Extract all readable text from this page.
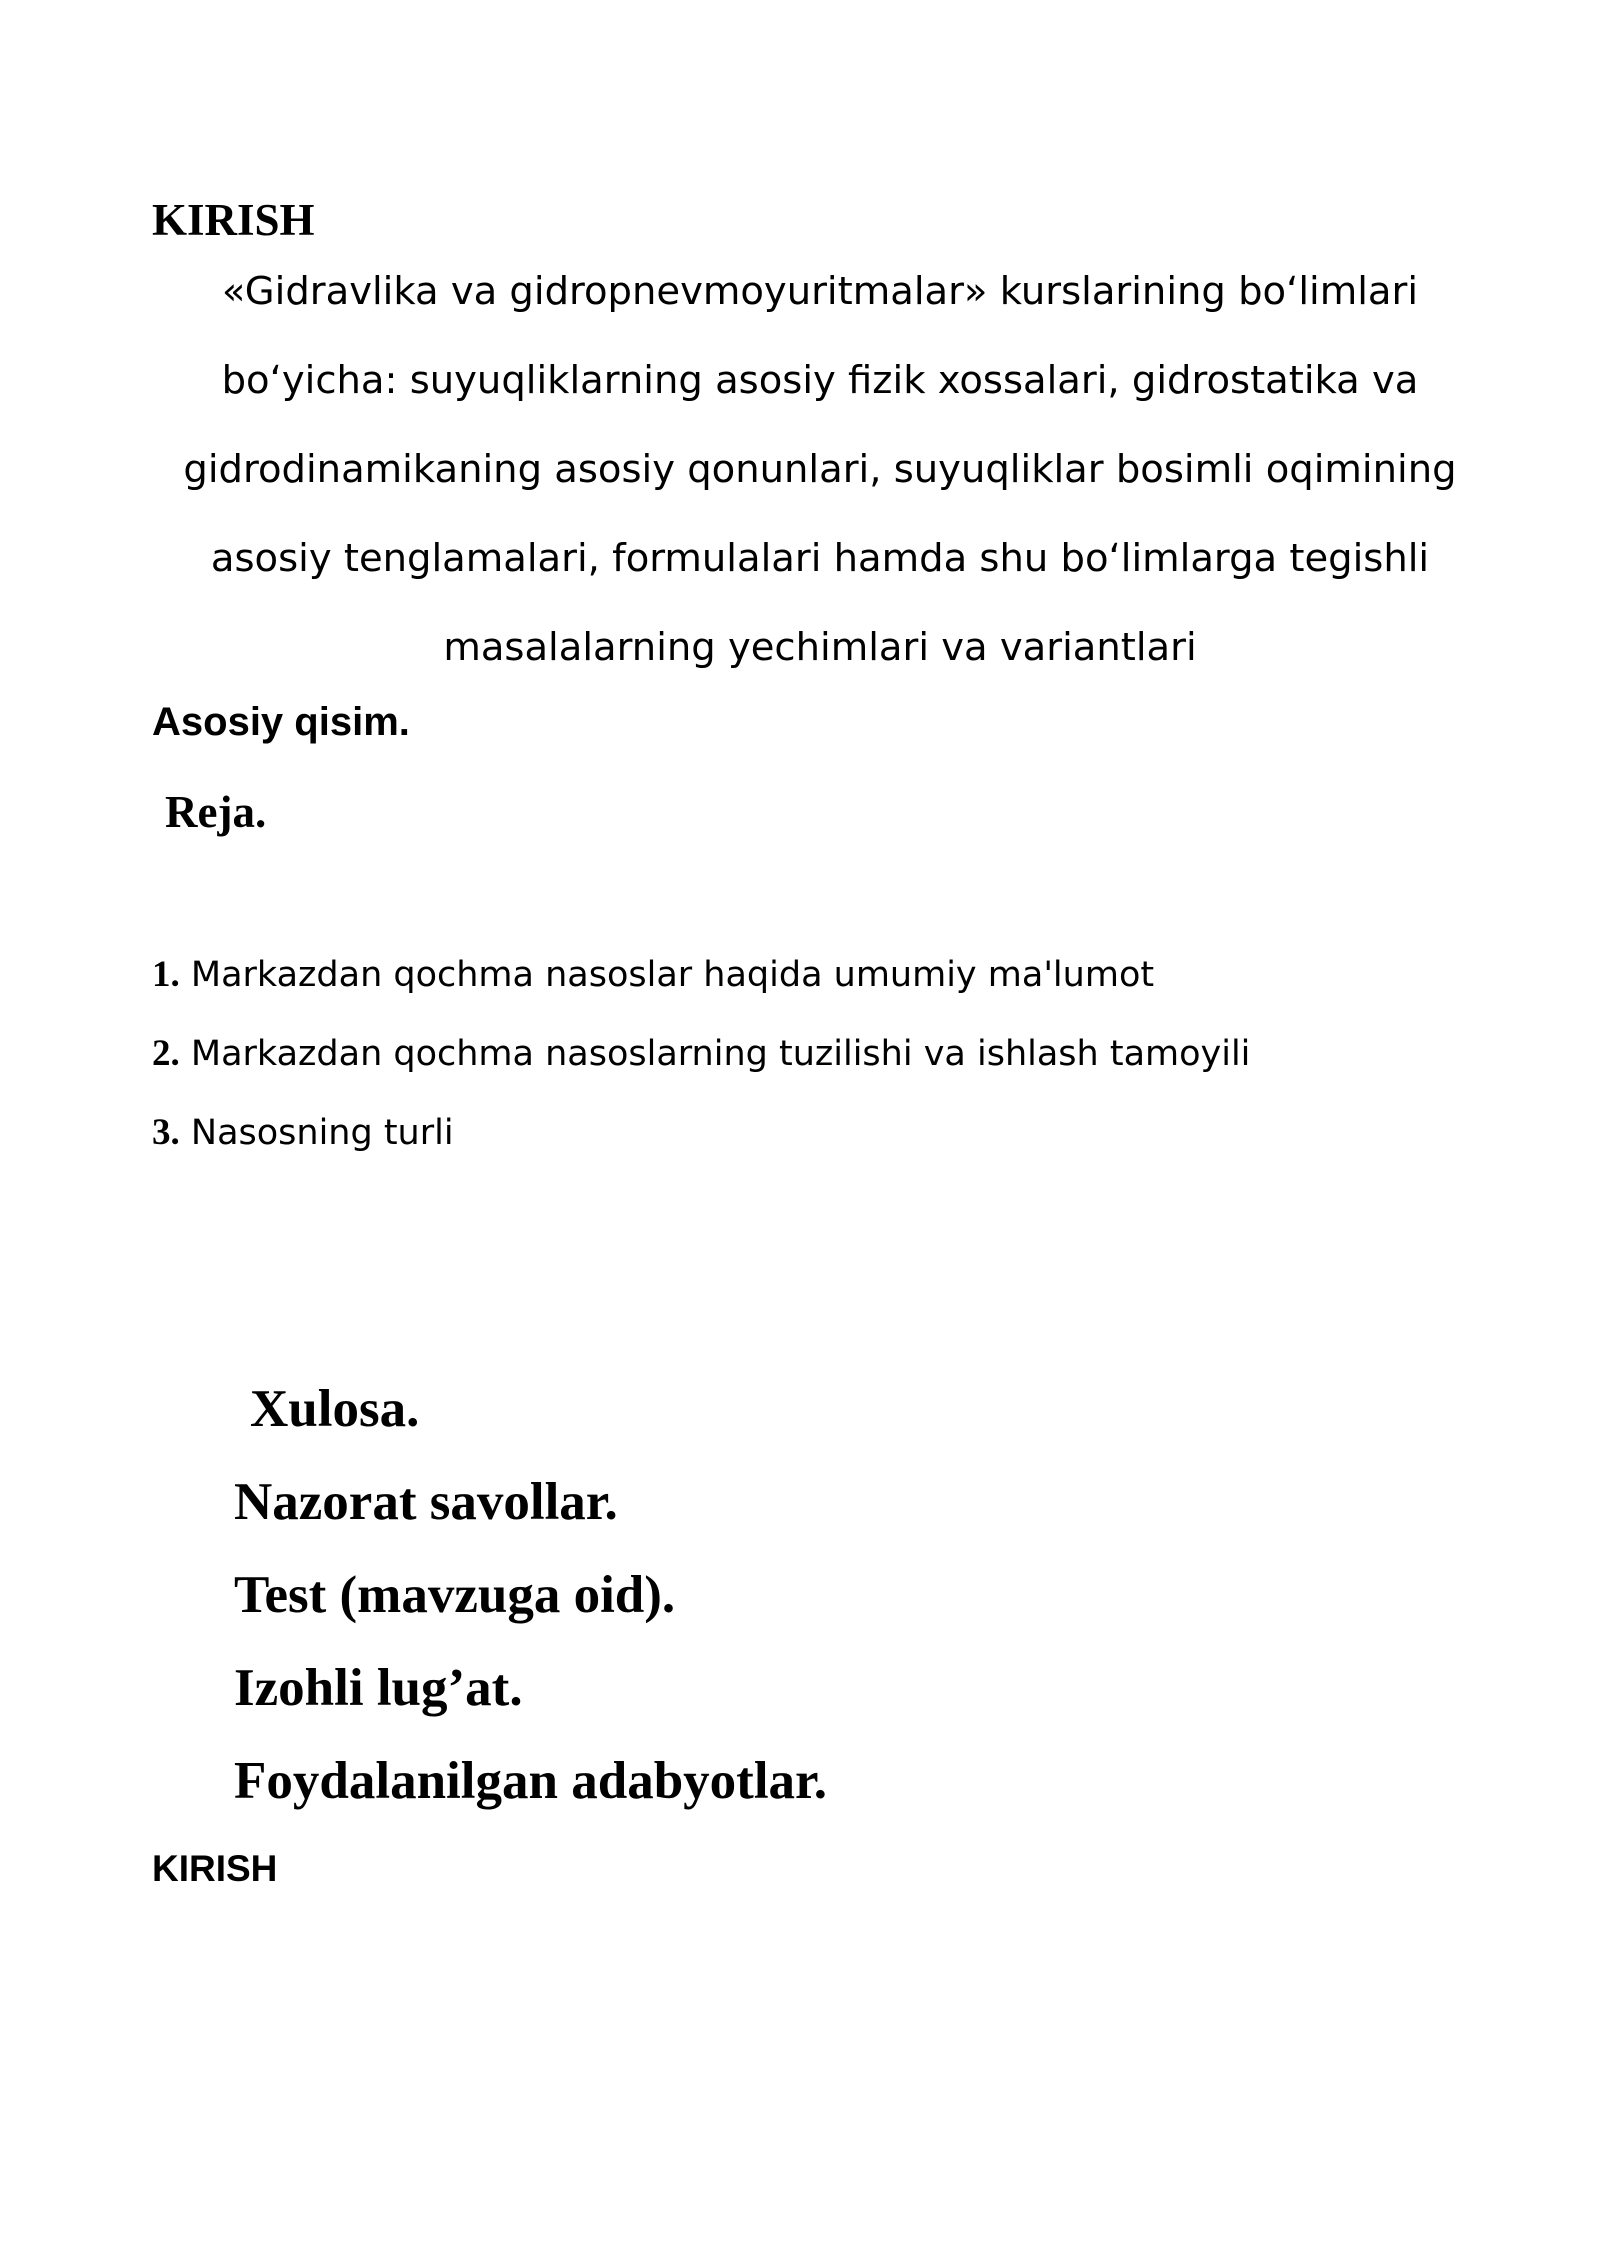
KIRISH

«Gidravlika va gidropnevmoyuritmalar» kurslarining bo‘limlari bo‘yicha: suyuqliklarning asosiy fizik xossalari, gidrostatika va gidrodinamikaning asosiy qonunlari, suyuqliklar bosimli oqimining asosiy tenglamalari, formulalari hamda shu bo‘limlarga tegishli masalalarning yechimlari va variantlari

Asosiy qisim.
Reja.

1. Markazdan qochma nasoslar haqida umumiy ma'lumot

2. Markazdan qochma nasoslarning tuzilishi va ishlash tamoyili

3. Nasosning turli

Xulosa.
Nazorat savollar.
Test (mavzuga oid).
Izohli lug’at.
Foydalanilgan adabyotlar.
KIRISH
